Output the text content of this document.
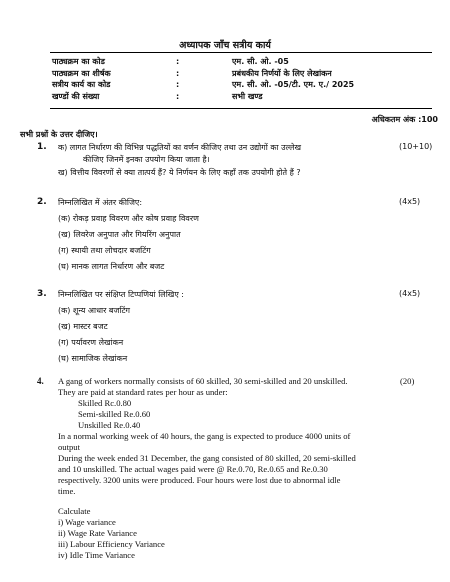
अध्यापक जाँच सत्रीय कार्य
पाठ्यक्रम का कोड	:	एम. सी. ओ. -05
पाठ्यक्रम का शीर्षक	:	प्रबंधकीय निर्णयों के लिए लेखांकन
सत्रीय कार्य का कोड	:	एम. सी. ओ. -05/टी. एम. ए./ 2025
खण्डों की संख्या	:	सभी खण्ड
अधिकतम अंक :100
सभी प्रश्नों के उत्तर दीजिए।
1.	(10+10)
क) लागत निर्धारण की विभिन्न पद्धतियों का वर्णन कीजिए तथा उन उद्योगों का उल्लेख
कीजिए जिनमें इनका उपयोग किया जाता है।
ख) वित्तीय विवरणों से क्या तात्पर्य हैं? ये निर्णयन के लिए कहाँ तक उपयोगी होते हैं ?
2.	(4x5)
निम्नलिखित में अंतर कीजिए:
(क) रोकड़ प्रवाह विवरण और कोष प्रवाह विवरण
(ख) लिवरेज अनुपात और गियरिंग अनुपात
(ग) स्थायी तथा लोचदार बजटिंग
(घ) मानक लागत निर्धारण और बजट
3.	(4x5)
निम्नलिखित पर संक्षिप्त टिप्पणियां लिखिए :
(क) शून्य आधार बजटिंग
(ख) मास्टर बजट
(ग) पर्यावरण लेखांकन
(घ) सामाजिक लेखांकन
4.	(20)
A gang of workers normally consists of 60 skilled, 30 semi-skilled and 20 unskilled.
They are paid at standard rates per hour as under:
Skilled Rс.0.80
Semi-skilled Re.0.60
Unskilled Re.0.40
In a normal working week of 40 hours, the gang is expected to produce 4000 units of
output
During the week ended 31 December, the gang consisted of 80 skilled, 20 semi-skilled
and 10 unskilled. The actual wages paid were @ Re.0.70, Re.0.65 and Re.0.30
respectively. 3200 units were produced. Four hours were lost due to abnormal idle
time.
Calculate
i) Wage variance
ii) Wage Rate Variance
iii) Labour Efficiency Variance
iv) Idle Time Variance
